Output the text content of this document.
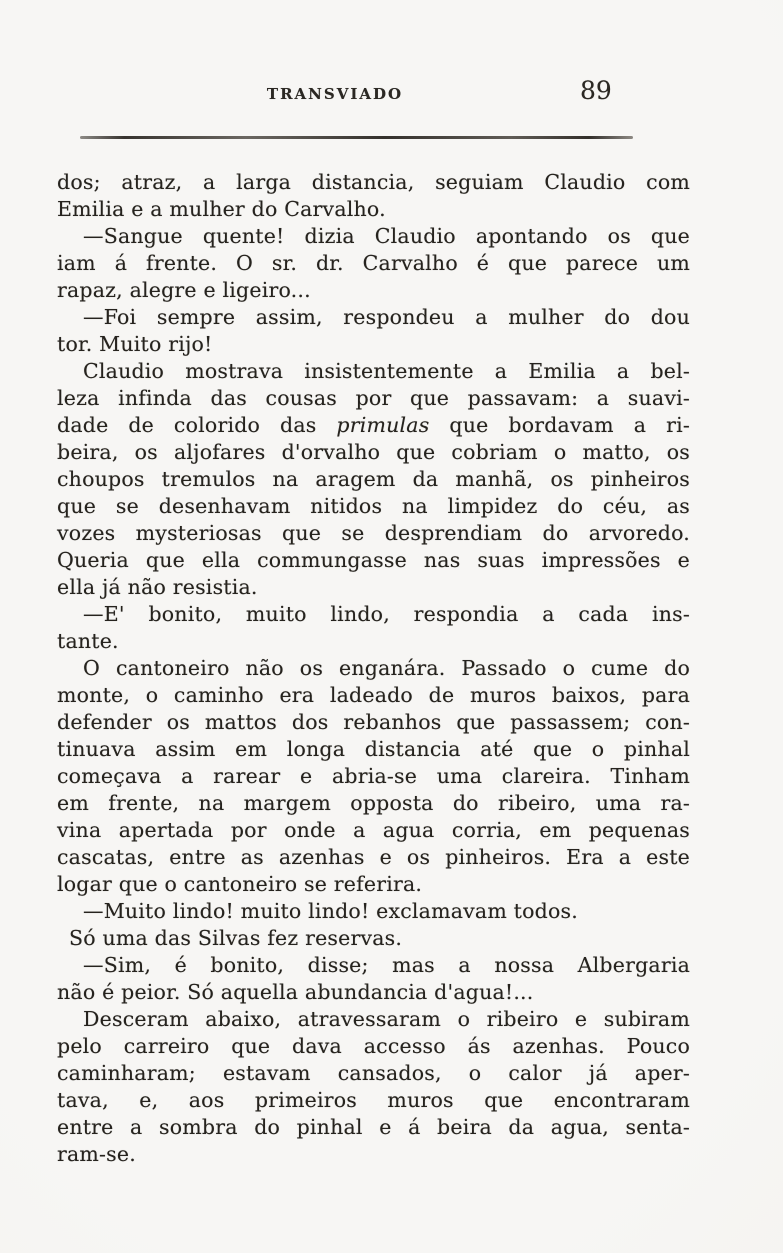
TRANSVIADO	89
dos; atraz, a larga distancia, seguiam Claudio com
Emilia e a mulher do Carvalho.
—Sangue quente! dizia Claudio apontando os que
iam á frente. O sr. dr. Carvalho é que parece um
rapaz, alegre e ligeiro...
—Foi sempre assim, respondeu a mulher do dou
tor. Muito rijo!
Claudio mostrava insistentemente a Emilia a bel-
leza infinda das cousas por que passavam: a suavi-
dade de colorido das primulas que bordavam a ri-
beira, os aljofares d'orvalho que cobriam o matto, os
choupos tremulos na aragem da manhã, os pinheiros
que se desenhavam nitidos na limpidez do céu, as
vozes mysteriosas que se desprendiam do arvoredo.
Queria que ella commungasse nas suas impressões e
ella já não resistia.
—E' bonito, muito lindo, respondia a cada ins-
tante.
O cantoneiro não os enganára. Passado o cume do
monte, o caminho era ladeado de muros baixos, para
defender os mattos dos rebanhos que passassem; con-
tinuava assim em longa distancia até que o pinhal
começava a rarear e abria-se uma clareira. Tinham
em frente, na margem opposta do ribeiro, uma ra-
vina apertada por onde a agua corria, em pequenas
cascatas, entre as azenhas e os pinheiros. Era a este
logar que o cantoneiro se referira.
—Muito lindo! muito lindo! exclamavam todos.
Só uma das Silvas fez reservas.
—Sim, é bonito, disse; mas a nossa Albergaria
não é peior. Só aquella abundancia d'agua!...
Desceram abaixo, atravessaram o ribeiro e subiram
pelo carreiro que dava accesso ás azenhas. Pouco
caminharam; estavam cansados, o calor já aper-
tava, e, aos primeiros muros que encontraram
entre a sombra do pinhal e á beira da agua, senta-
ram-se.
